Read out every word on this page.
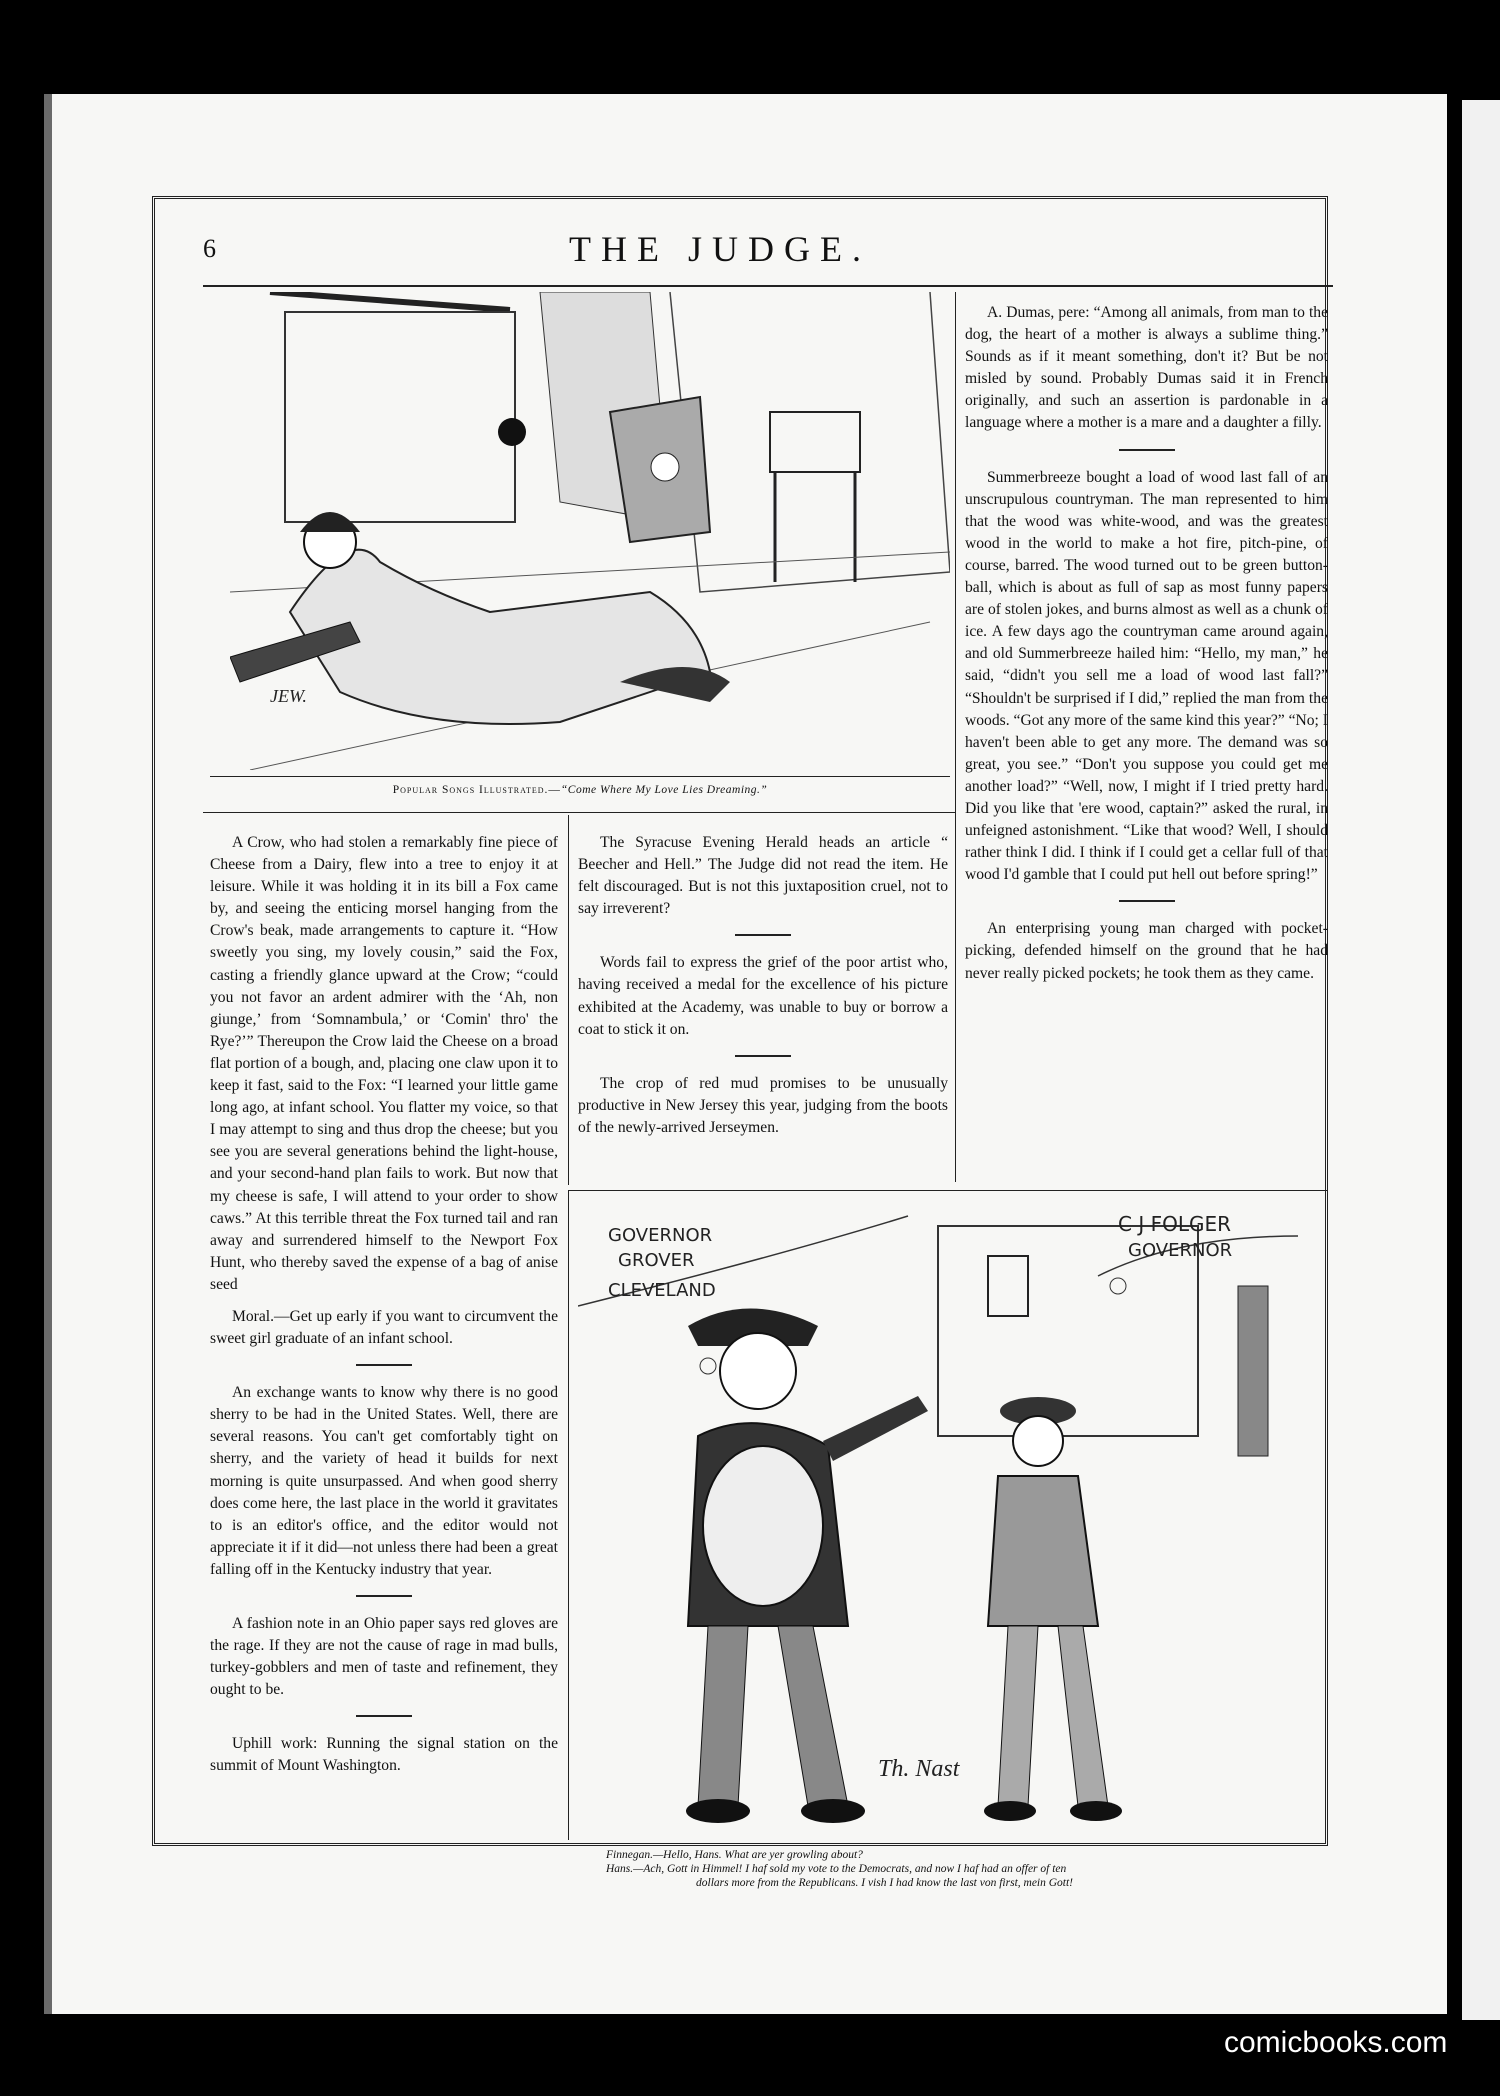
6	THE JUDGE.
JEW.
Popular Songs Illustrated.—“Come Where My Love Lies Dreaming.”

A Crow, who had stolen a remarkably fine piece of Cheese from a Dairy, flew into a tree to enjoy it at leisure. While it was holding it in its bill a Fox came by, and seeing the enticing morsel hanging from the Crow's beak, made arrangements to capture it. “How sweetly you sing, my lovely cousin,” said the Fox, casting a friendly glance upward at the Crow; “could you not favor an ardent admirer with the ‘Ah, non giunge,’ from ‘Somnambula,’ or ‘Comin' thro' the Rye?’” Thereupon the Crow laid the Cheese on a broad flat portion of a bough, and, placing one claw upon it to keep it fast, said to the Fox: “I learned your little game long ago, at infant school. You flatter my voice, so that I may attempt to sing and thus drop the cheese; but you see you are several generations behind the light-house, and your second-hand plan fails to work. But now that my cheese is safe, I will attend to your order to show caws.” At this terrible threat the Fox turned tail and ran away and surrendered himself to the Newport Fox Hunt, who thereby saved the expense of a bag of anise seed

Moral.—Get up early if you want to circumvent the sweet girl graduate of an infant school.

An exchange wants to know why there is no good sherry to be had in the United States. Well, there are several reasons. You can't get comfortably tight on sherry, and the variety of head it builds for next morning is quite unsurpassed. And when good sherry does come here, the last place in the world it gravitates to is an editor's office, and the editor would not appreciate it if it did—not unless there had been a great falling off in the Kentucky industry that year.

A fashion note in an Ohio paper says red gloves are the rage. If they are not the cause of rage in mad bulls, turkey-gobblers and men of taste and refinement, they ought to be.

Uphill work: Running the signal station on the summit of Mount Washington.

The Syracuse Evening Herald heads an article “ Beecher and Hell.” The Judge did not read the item. He felt discouraged. But is not this juxtaposition cruel, not to say irreverent?

Words fail to express the grief of the poor artist who, having received a medal for the excellence of his picture exhibited at the Academy, was unable to buy or borrow a coat to stick it on.

The crop of red mud promises to be unusually productive in New Jersey this year, judging from the boots of the newly-arrived Jerseymen.

A. Dumas, pere: “Among all animals, from man to the dog, the heart of a mother is always a sublime thing.” Sounds as if it meant something, don't it? But be not misled by sound. Probably Dumas said it in French originally, and such an assertion is pardonable in a language where a mother is a mare and a daughter a filly.

Summerbreeze bought a load of wood last fall of an unscrupulous countryman. The man represented to him that the wood was white-wood, and was the greatest wood in the world to make a hot fire, pitch-pine, of course, barred. The wood turned out to be green button-ball, which is about as full of sap as most funny papers are of stolen jokes, and burns almost as well as a chunk of ice. A few days ago the countryman came around again, and old Summerbreeze hailed him: “Hello, my man,” he said, “didn't you sell me a load of wood last fall?” “Shouldn't be surprised if I did,” replied the man from the woods. “Got any more of the same kind this year?” “No; I haven't been able to get any more. The demand was so great, you see.” “Don't you suppose you could get me another load?” “Well, now, I might if I tried pretty hard. Did you like that 'ere wood, captain?” asked the rural, in unfeigned astonishment. “Like that wood? Well, I should rather think I did. I think if I could get a cellar full of that wood I'd gamble that I could put hell out before spring!”

An enterprising young man charged with pocket-picking, defended himself on the ground that he had never really picked pockets; he took them as they came.

GOVERNOR
GROVER
CLEVELAND
C J FOLGER
GOVERNOR
Th. Nast
Finnegan.—Hello, Hans. What are yer growling about?
Hans.—Ach, Gott in Himmel! I haf sold my vote to the Democrats, and now I haf had an offer of ten
dollars more from the Republicans. I vish I had know the last von first, mein Gott!
comicbooks.com
